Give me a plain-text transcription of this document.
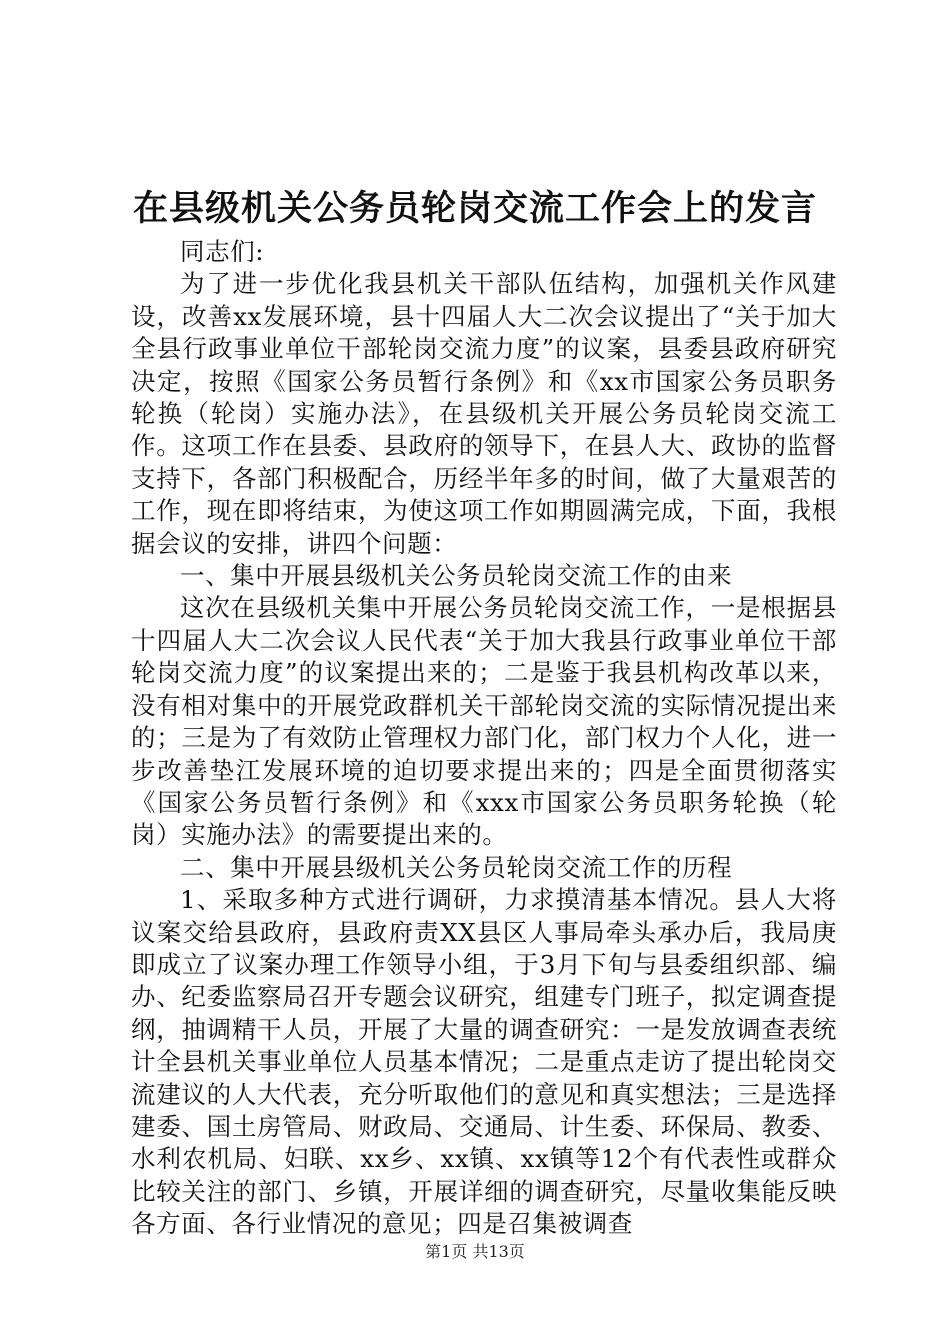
在县级机关公务员轮岗交流工作会上的发言

同志们:

为了进一步优化我县机关干部队伍结构，加强机关作风建设，改善xx发展环境，县十四届人大二次会议提出了“关于加大全县行政事业单位干部轮岗交流力度”的议案，县委县政府研究决定，按照《国家公务员暂行条例》和《xx市国家公务员职务轮换（轮岗）实施办法》，在县级机关开展公务员轮岗交流工作。这项工作在县委、县政府的领导下，在县人大、政协的监督支持下，各部门积极配合，历经半年多的时间，做了大量艰苦的工作，现在即将结束，为使这项工作如期圆满完成，下面，我根据会议的安排，讲四个问题：

一、集中开展县级机关公务员轮岗交流工作的由来

这次在县级机关集中开展公务员轮岗交流工作，一是根据县十四届人大二次会议人民代表“关于加大我县行政事业单位干部轮岗交流力度”的议案提出来的；二是鉴于我县机构改革以来，没有相对集中的开展党政群机关干部轮岗交流的实际情况提出来的；三是为了有效防止管理权力部门化，部门权力个人化，进一步改善垫江发展环境的迫切要求提出来的；四是全面贯彻落实《国家公务员暂行条例》和《xxx市国家公务员职务轮换（轮岗）实施办法》的需要提出来的。

二、集中开展县级机关公务员轮岗交流工作的历程

1、采取多种方式进行调研，力求摸清基本情况。县人大将议案交给县政府，县政府责XX县区人事局牵头承办后，我局庚即成立了议案办理工作领导小组，于3月下旬与县委组织部、编办、纪委监察局召开专题会议研究，组建专门班子，拟定调查提纲，抽调精干人员，开展了大量的调查研究：一是发放调查表统计全县机关事业单位人员基本情况；二是重点走访了提出轮岗交流建议的人大代表，充分听取他们的意见和真实想法；三是选择建委、国土房管局、财政局、交通局、计生委、环保局、教委、水利农机局、妇联、xx乡、xx镇、xx镇等12个有代表性或群众比较关注的部门、乡镇，开展详细的调查研究，尽量收集能反映各方面、各行业情况的意见；四是召集被调查

第1页 共13页
